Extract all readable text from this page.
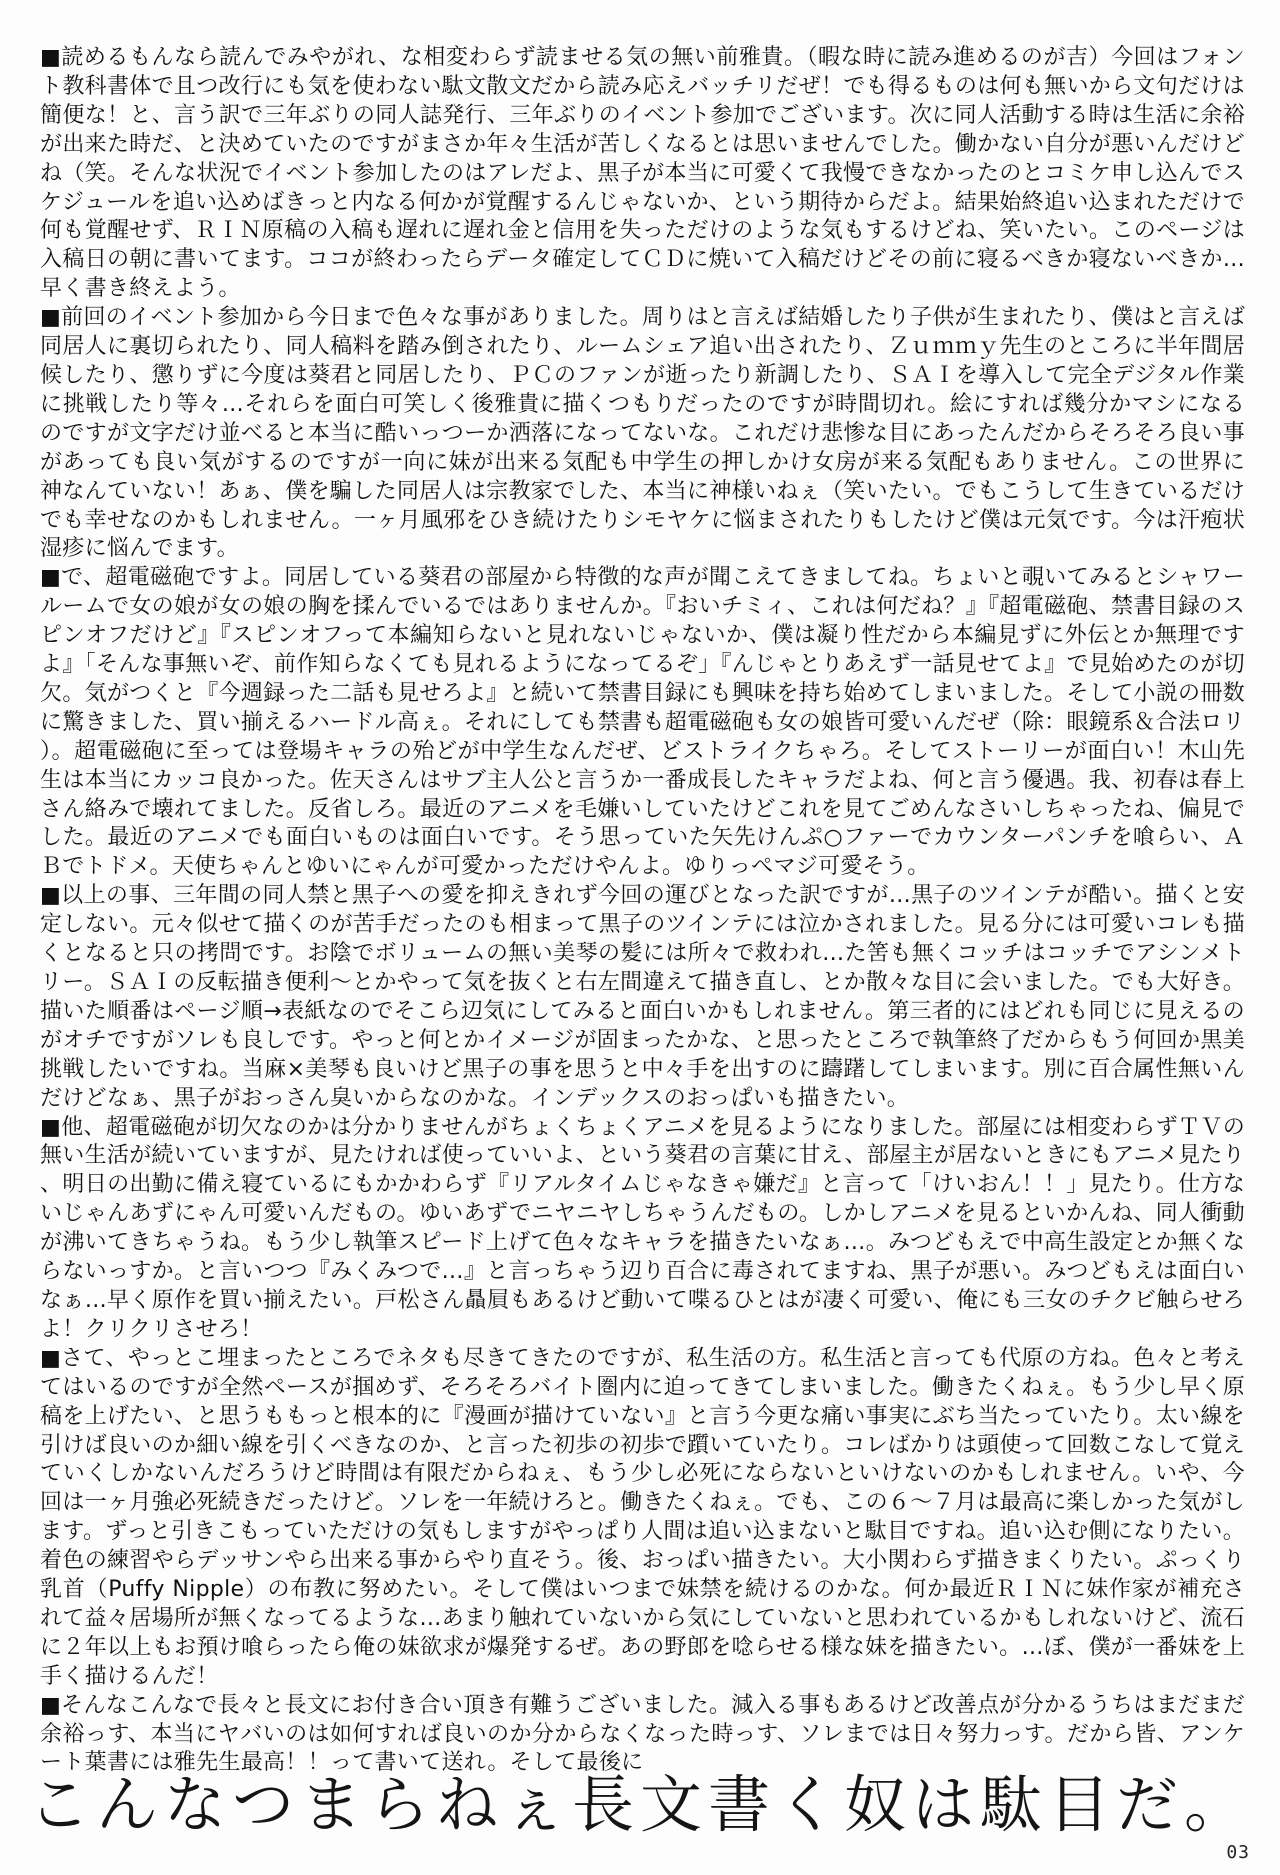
■読めるもんなら読んでみやがれ、な相変わらず読ませる気の無い前雅貴。（暇な時に読み進めるのが吉）今回はフォント教科書体で且つ改行にも気を使わない駄文散文だから読み応えバッチリだぜ！でも得るものは何も無いから文句だけは簡便な！と、言う訳で三年ぶりの同人誌発行、三年ぶりのイベント参加でございます。次に同人活動する時は生活に余裕が出来た時だ、と決めていたのですがまさか年々生活が苦しくなるとは思いませんでした。働かない自分が悪いんだけどね（笑。そんな状況でイベント参加したのはアレだよ、黒子が本当に可愛くて我慢できなかったのとコミケ申し込んでスケジュールを追い込めばきっと内なる何かが覚醒するんじゃないか、という期待からだよ。結果始終追い込まれただけで何も覚醒せず、ＲＩＮ原稿の入稿も遅れに遅れ金と信用を失っただけのような気もするけどね、笑いたい。このページは入稿日の朝に書いてます。ココが終わったらデータ確定してＣＤに焼いて入稿だけどその前に寝るべきか寝ないべきか…早く書き終えよう。

■前回のイベント参加から今日まで色々な事がありました。周りはと言えば結婚したり子供が生まれたり、僕はと言えば同居人に裏切られたり、同人稿料を踏み倒されたり、ルームシェア追い出されたり、Ｚｕｍｍｙ先生のところに半年間居候したり、懲りずに今度は葵君と同居したり、ＰＣのファンが逝ったり新調したり、ＳＡＩを導入して完全デジタル作業に挑戦したり等々…それらを面白可笑しく後雅貴に描くつもりだったのですが時間切れ。絵にすれば幾分かマシになるのですが文字だけ並べると本当に酷いっつーか洒落になってないな。これだけ悲惨な目にあったんだからそろそろ良い事があっても良い気がするのですが一向に妹が出来る気配も中学生の押しかけ女房が来る気配もありません。この世界に神なんていない！あぁ、僕を騙した同居人は宗教家でした、本当に神様いねぇ（笑いたい。でもこうして生きているだけでも幸せなのかもしれません。一ヶ月風邪をひき続けたりシモヤケに悩まされたりもしたけど僕は元気です。今は汗疱状湿疹に悩んでます。

■で、超電磁砲ですよ。同居している葵君の部屋から特徴的な声が聞こえてきましてね。ちょいと覗いてみるとシャワールームで女の娘が女の娘の胸を揉んでいるではありませんか。『おいチミィ、これは何だね？』『超電磁砲、禁書目録のスピンオフだけど』『スピンオフって本編知らないと見れないじゃないか、僕は凝り性だから本編見ずに外伝とか無理ですよ』「そんな事無いぞ、前作知らなくても見れるようになってるぞ」『んじゃとりあえず一話見せてよ』で見始めたのが切欠。気がつくと『今週録った二話も見せろよ』と続いて禁書目録にも興味を持ち始めてしまいました。そして小説の冊数に驚きました、買い揃えるハードル高ぇ。それにしても禁書も超電磁砲も女の娘皆可愛いんだぜ（除：眼鏡系＆合法ロリ）。超電磁砲に至っては登場キャラの殆どが中学生なんだぜ、どストライクちゃろ。そしてストーリーが面白い！木山先生は本当にカッコ良かった。佐天さんはサブ主人公と言うか一番成長したキャラだよね、何と言う優遇。我、初春は春上さん絡みで壊れてました。反省しろ。最近のアニメを毛嫌いしていたけどこれを見てごめんなさいしちゃったね、偏見でした。最近のアニメでも面白いものは面白いです。そう思っていた矢先けんぷ○ファーでカウンターパンチを喰らい、ＡＢでトドメ。天使ちゃんとゆいにゃんが可愛かっただけやんよ。ゆりっぺマジ可愛そう。

■以上の事、三年間の同人禁と黒子への愛を抑えきれず今回の運びとなった訳ですが…黒子のツインテが酷い。描くと安定しない。元々似せて描くのが苦手だったのも相まって黒子のツインテには泣かされました。見る分には可愛いコレも描くとなると只の拷問です。お陰でボリュームの無い美琴の髪には所々で救われ…た筈も無くコッチはコッチでアシンメトリー。ＳＡＩの反転描き便利〜とかやって気を抜くと右左間違えて描き直し、とか散々な目に会いました。でも大好き。描いた順番はページ順→表紙なのでそこら辺気にしてみると面白いかもしれません。第三者的にはどれも同じに見えるのがオチですがソレも良しです。やっと何とかイメージが固まったかな、と思ったところで執筆終了だからもう何回か黒美挑戦したいですね。当麻×美琴も良いけど黒子の事を思うと中々手を出すのに躊躇してしまいます。別に百合属性無いんだけどなぁ、黒子がおっさん臭いからなのかな。インデックスのおっぱいも描きたい。

■他、超電磁砲が切欠なのかは分かりませんがちょくちょくアニメを見るようになりました。部屋には相変わらずＴＶの無い生活が続いていますが、見たければ使っていいよ、という葵君の言葉に甘え、部屋主が居ないときにもアニメ見たり、明日の出勤に備え寝ているにもかかわらず『リアルタイムじゃなきゃ嫌だ』と言って「けいおん！！」見たり。仕方ないじゃんあずにゃん可愛いんだもの。ゆいあずでニヤニヤしちゃうんだもの。しかしアニメを見るといかんね、同人衝動が沸いてきちゃうね。もう少し執筆スピード上げて色々なキャラを描きたいなぁ…。みつどもえで中高生設定とか無くならないっすか。と言いつつ『みくみつで…』と言っちゃう辺り百合に毒されてますね、黒子が悪い。みつどもえは面白いなぁ…早く原作を買い揃えたい。戸松さん贔屓もあるけど動いて喋るひとはが凄く可愛い、俺にも三女のチクビ触らせろよ！クリクリさせろ！

■さて、やっとこ埋まったところでネタも尽きてきたのですが、私生活の方。私生活と言っても代原の方ね。色々と考えてはいるのですが全然ペースが掴めず、そろそろバイト圏内に迫ってきてしまいました。働きたくねぇ。もう少し早く原稿を上げたい、と思うももっと根本的に『漫画が描けていない』と言う今更な痛い事実にぶち当たっていたり。太い線を引けば良いのか細い線を引くべきなのか、と言った初歩の初歩で躓いていたり。コレばかりは頭使って回数こなして覚えていくしかないんだろうけど時間は有限だからねぇ、もう少し必死にならないといけないのかもしれません。いや、今回は一ヶ月強必死続きだったけど。ソレを一年続けろと。働きたくねぇ。でも、この６〜７月は最高に楽しかった気がします。ずっと引きこもっていただけの気もしますがやっぱり人間は追い込まないと駄目ですね。追い込む側になりたい。着色の練習やらデッサンやら出来る事からやり直そう。後、おっぱい描きたい。大小関わらず描きまくりたい。ぷっくり乳首（Puffy Nipple）の布教に努めたい。そして僕はいつまで妹禁を続けるのかな。何か最近ＲＩＮに妹作家が補充されて益々居場所が無くなってるような…あまり触れていないから気にしていないと思われているかもしれないけど、流石に２年以上もお預け喰らったら俺の妹欲求が爆発するぜ。あの野郎を唸らせる様な妹を描きたい。…ぼ、僕が一番妹を上手く描けるんだ！

■そんなこんなで長々と長文にお付き合い頂き有難うございました。減入る事もあるけど改善点が分かるうちはまだまだ余裕っす、本当にヤバいのは如何すれば良いのか分からなくなった時っす、ソレまでは日々努力っす。だから皆、アンケート葉書には雅先生最高！！って書いて送れ。そして最後に

こんなつまらねぇ長文書く奴は駄目だ。
03
